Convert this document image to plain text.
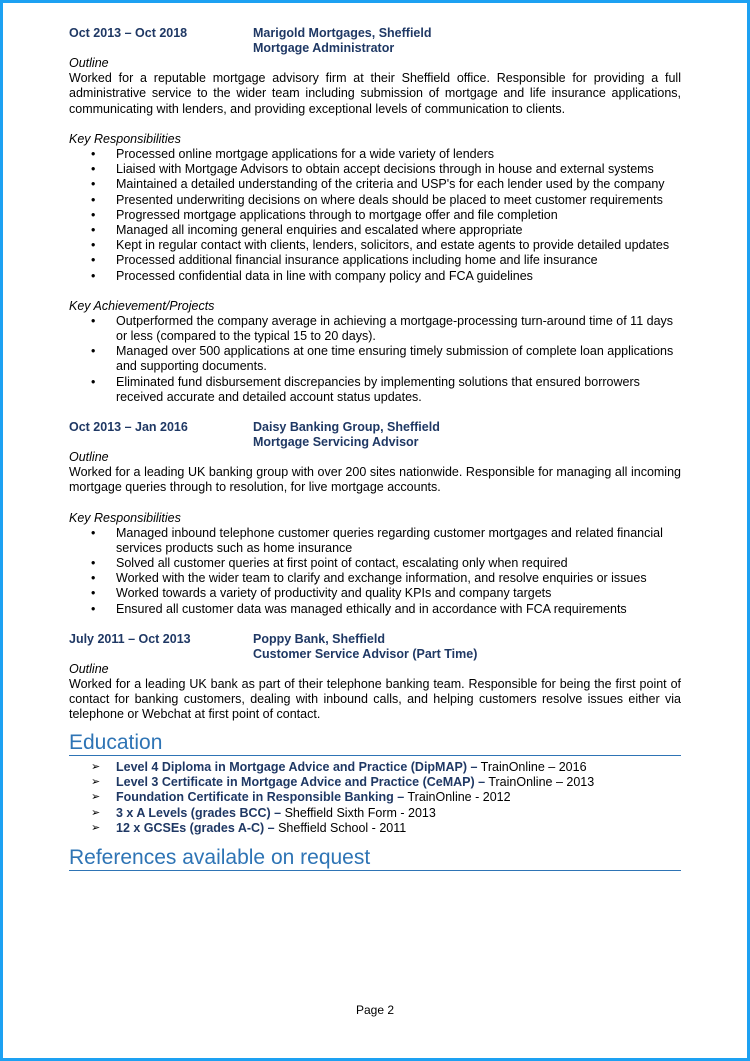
Oct 2013 – Oct 2018	Marigold Mortgages, Sheffield
Mortgage Administrator
Outline
Worked for a reputable mortgage advisory firm at their Sheffield office. Responsible for providing a full administrative service to the wider team including submission of mortgage and life insurance applications, communicating with lenders, and providing exceptional levels of communication to clients.
Key Responsibilities
• Processed online mortgage applications for a wide variety of lenders
• Liaised with Mortgage Advisors to obtain accept decisions through in house and external systems
• Maintained a detailed understanding of the criteria and USP's for each lender used by the company
• Presented underwriting decisions on where deals should be placed to meet customer requirements
• Progressed mortgage applications through to mortgage offer and file completion
• Managed all incoming general enquiries and escalated where appropriate
• Kept in regular contact with clients, lenders, solicitors, and estate agents to provide detailed updates
• Processed additional financial insurance applications including home and life insurance
• Processed confidential data in line with company policy and FCA guidelines
Key Achievement/Projects
• Outperformed the company average in achieving a mortgage-processing turn-around time of 11 days or less (compared to the typical 15 to 20 days).
• Managed over 500 applications at one time ensuring timely submission of complete loan applications and supporting documents.
• Eliminated fund disbursement discrepancies by implementing solutions that ensured borrowers received accurate and detailed account status updates.
Oct 2013 – Jan 2016	Daisy Banking Group, Sheffield
Mortgage Servicing Advisor
Outline
Worked for a leading UK banking group with over 200 sites nationwide. Responsible for managing all incoming mortgage queries through to resolution, for live mortgage accounts.
Key Responsibilities
• Managed inbound telephone customer queries regarding customer mortgages and related financial services products such as home insurance
• Solved all customer queries at first point of contact, escalating only when required
• Worked with the wider team to clarify and exchange information, and resolve enquiries or issues
• Worked towards a variety of productivity and quality KPIs and company targets
• Ensured all customer data was managed ethically and in accordance with FCA requirements
July 2011 – Oct 2013	Poppy Bank, Sheffield
Customer Service Advisor (Part Time)
Outline
Worked for a leading UK bank as part of their telephone banking team. Responsible for being the first point of contact for banking customers, dealing with inbound calls, and helping customers resolve issues either via telephone or Webchat at first point of contact.
Education
➢ Level 4 Diploma in Mortgage Advice and Practice (DipMAP) – TrainOnline – 2016
➢ Level 3 Certificate in Mortgage Advice and Practice (CeMAP) – TrainOnline – 2013
➢ Foundation Certificate in Responsible Banking – TrainOnline - 2012
➢ 3 x A Levels (grades BCC) – Sheffield Sixth Form - 2013
➢ 12 x GCSEs (grades A-C) – Sheffield School - 2011
References available on request
Page 2
